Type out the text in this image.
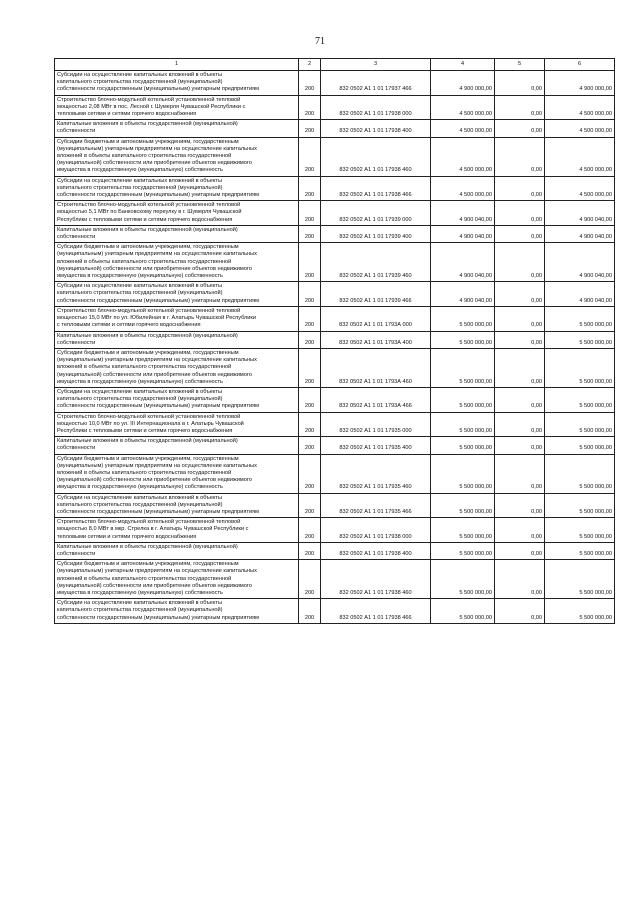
71
1	2	3	4	5	6
Субсидии на осуществление капитальных вложений в объекты
капитального строительства государственной (муниципальной)
собственности государственным (муниципальным) унитарным предприятиям	200	832 0502 А1 1 01 17937 466	4 900 000,00	0,00	4 900 000,00
Строительство блочно-модульной котельной установленной тепловой
мощностью 2,08 МВт в пос. Лесной г. Шумерля Чувашской Республики с
тепловыми сетями и сетями горячего водоснабжения	200	832 0502 А1 1 01 17938 000	4 500 000,00	0,00	4 500 000,00
Капитальные вложения в объекты государственной (муниципальной)
собственности	200	832 0502 А1 1 01 17938 400	4 500 000,00	0,00	4 500 000,00
Субсидии бюджетным и автономным учреждениям, государственным
(муниципальным) унитарным предприятиям на осуществление капитальных
вложений в объекты капитального строительства государственной
(муниципальной) собственности или приобретение объектов недвижимого
имущества в государственную (муниципальную) собственность	200	832 0502 А1 1 01 17938 460	4 500 000,00	0,00	4 500 000,00
Субсидии на осуществление капитальных вложений в объекты
капитального строительства государственной (муниципальной)
собственности государственным (муниципальным) унитарным предприятиям	200	832 0502 А1 1 01 17938 466	4 500 000,00	0,00	4 500 000,00
Строительство блочно-модульной котельной установленной тепловой
мощностью 5,1 МВт по Банковскому переулку в г. Шумерля Чувашской
Республики с тепловыми сетями и сетями горячего водоснабжения	200	832 0502 А1 1 01 17939 000	4 900 040,00	0,00	4 900 040,00
Капитальные вложения в объекты государственной (муниципальной)
собственности	200	832 0502 А1 1 01 17939 400	4 900 040,00	0,00	4 900 040,00
Субсидии бюджетным и автономным учреждениям, государственным
(муниципальным) унитарным предприятиям на осуществление капитальных
вложений в объекты капитального строительства государственной
(муниципальной) собственности или приобретение объектов недвижимого
имущества в государственную (муниципальную) собственность	200	832 0502 А1 1 01 17939 460	4 900 040,00	0,00	4 900 040,00
Субсидии на осуществление капитальных вложений в объекты
капитального строительства государственной (муниципальной)
собственности государственным (муниципальным) унитарным предприятиям	200	832 0502 А1 1 01 17939 466	4 900 040,00	0,00	4 900 040,00
Строительство блочно-модульной котельной установленной тепловой
мощностью 15,0 МВт по ул. Юбилейная в г. Алатырь Чувашской Республики
с тепловыми сетями и сетями горячего водоснабжения	200	832 0502 А1 1 01 1793А 000	5 500 000,00	0,00	5 500 000,00
Капитальные вложения в объекты государственной (муниципальной)
собственности	200	832 0502 А1 1 01 1793А 400	5 500 000,00	0,00	5 500 000,00
Субсидии бюджетным и автономным учреждениям, государственным
(муниципальным) унитарным предприятиям на осуществление капитальных
вложений в объекты капитального строительства государственной
(муниципальной) собственности или приобретение объектов недвижимого
имущества в государственную (муниципальную) собственность	200	832 0502 А1 1 01 1793А 460	5 500 000,00	0,00	5 500 000,00
Субсидии на осуществление капитальных вложений в объекты
капитального строительства государственной (муниципальной)
собственности государственным (муниципальным) унитарным предприятиям	200	832 0502 А1 1 01 1793А 466	5 500 000,00	0,00	5 500 000,00
Строительство блочно-модульной котельной установленной тепловой
мощностью 10,0 МВт по ул. III Интернационала в г. Алатырь Чувашской
Республики с тепловыми сетями и сетями горячего водоснабжения	200	832 0502 А1 1 01 17935 000	5 500 000,00	0,00	5 500 000,00
Капитальные вложения в объекты государственной (муниципальной)
собственности	200	832 0502 А1 1 01 17935 400	5 500 000,00	0,00	5 500 000,00
Субсидии бюджетным и автономным учреждениям, государственным
(муниципальным) унитарным предприятиям на осуществление капитальных
вложений в объекты капитального строительства государственной
(муниципальной) собственности или приобретение объектов недвижимого
имущества в государственную (муниципальную) собственность	200	832 0502 А1 1 01 17935 460	5 500 000,00	0,00	5 500 000,00
Субсидии на осуществление капитальных вложений в объекты
капитального строительства государственной (муниципальной)
собственности государственным (муниципальным) унитарным предприятиям	200	832 0502 А1 1 01 17935 466	5 500 000,00	0,00	5 500 000,00
Строительство блочно-модульной котельной установленной тепловой
мощностью 8,0 МВт в мкр. Стрелка в г. Алатырь Чувашской Республики с
тепловыми сетями и сетями горячего водоснабжения	200	832 0502 А1 1 01 17938 000	5 500 000,00	0,00	5 500 000,00
Капитальные вложения в объекты государственной (муниципальной)
собственности	200	832 0502 А1 1 01 17938 400	5 500 000,00	0,00	5 500 000,00
Субсидии бюджетным и автономным учреждениям, государственным
(муниципальным) унитарным предприятиям на осуществление капитальных
вложений в объекты капитального строительства государственной
(муниципальной) собственности или приобретение объектов недвижимого
имущества в государственную (муниципальную) собственность	200	832 0502 А1 1 01 17938 460	5 500 000,00	0,00	5 500 000,00
Субсидии на осуществление капитальных вложений в объекты
капитального строительства государственной (муниципальной)
собственности государственным (муниципальным) унитарным предприятиям	200	832 0502 А1 1 01 17938 466	5 500 000,00	0,00	5 500 000,00
